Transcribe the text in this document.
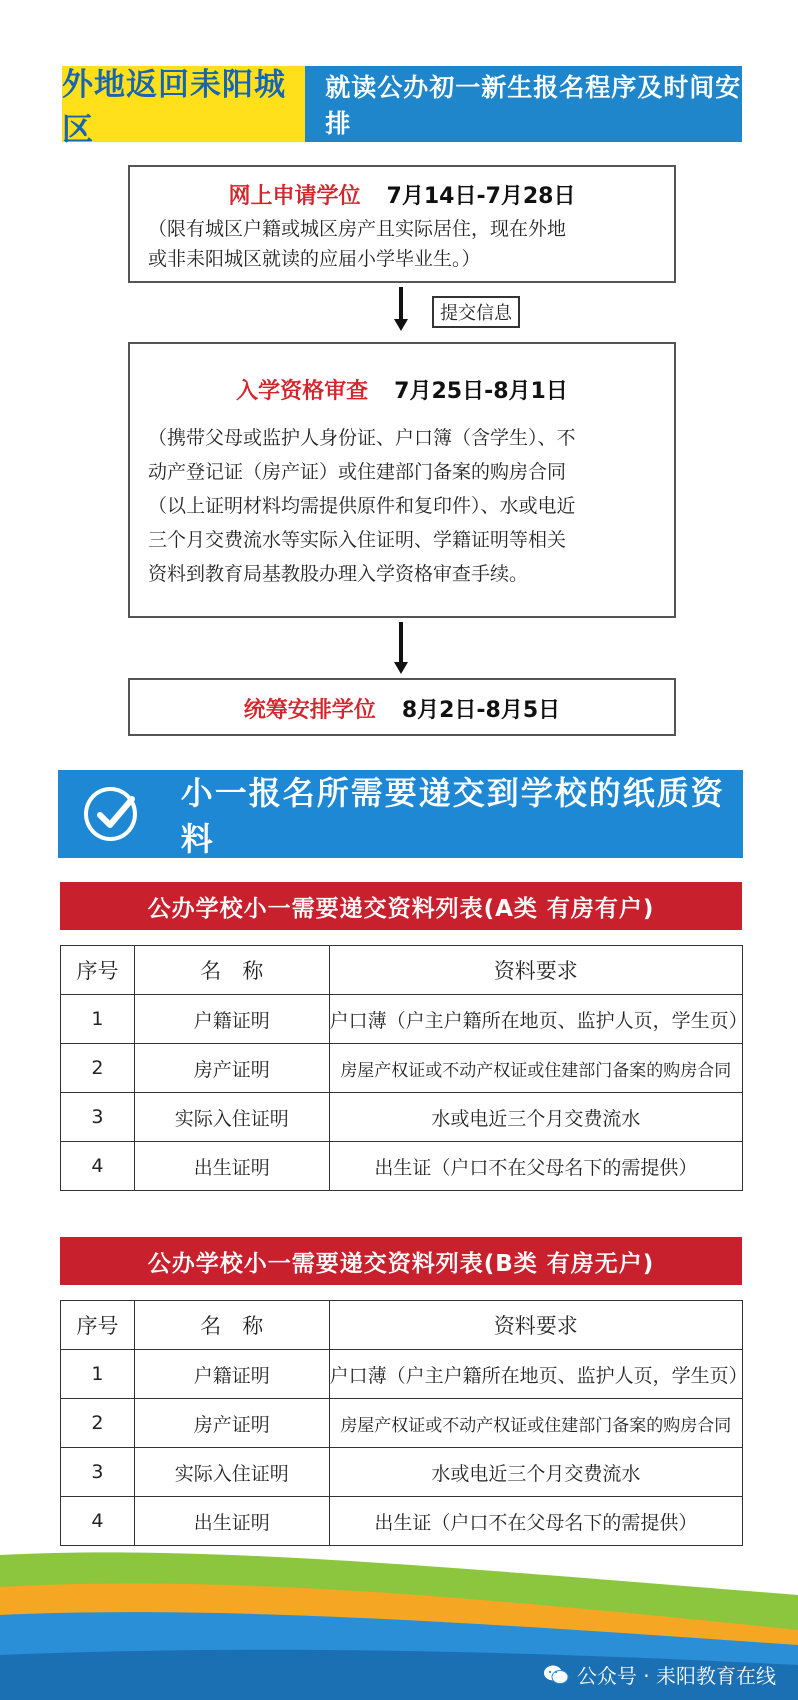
外地返回耒阳城区
就读公办初一新生报名程序及时间安排
网上申请学位 7月14日-7月28日
（限有城区户籍或城区房产且实际居住，现在外地
或非耒阳城区就读的应届小学毕业生。）
提交信息
入学资格审查 7月25日-8月1日
（携带父母或监护人身份证、户口簿（含学生）、不
动产登记证（房产证）或住建部门备案的购房合同
（以上证明材料均需提供原件和复印件）、水或电近
三个月交费流水等实际入住证明、学籍证明等相关
资料到教育局基教股办理入学资格审查手续。
统筹安排学位 8月2日-8月5日
小一报名所需要递交到学校的纸质资料
公办学校小一需要递交资料列表(A类 有房有户)
序号	名　称	资料要求
1	户籍证明	户口薄（户主户籍所在地页、监护人页，学生页）
2	房产证明	房屋产权证或不动产权证或住建部门备案的购房合同
3	实际入住证明	水或电近三个月交费流水
4	出生证明	出生证（户口不在父母名下的需提供）
公办学校小一需要递交资料列表(B类 有房无户)
序号	名　称	资料要求
1	户籍证明	户口薄（户主户籍所在地页、监护人页，学生页）
2	房产证明	房屋产权证或不动产权证或住建部门备案的购房合同
3	实际入住证明	水或电近三个月交费流水
4	出生证明	出生证（户口不在父母名下的需提供）
公众号 · 耒阳教育在线
